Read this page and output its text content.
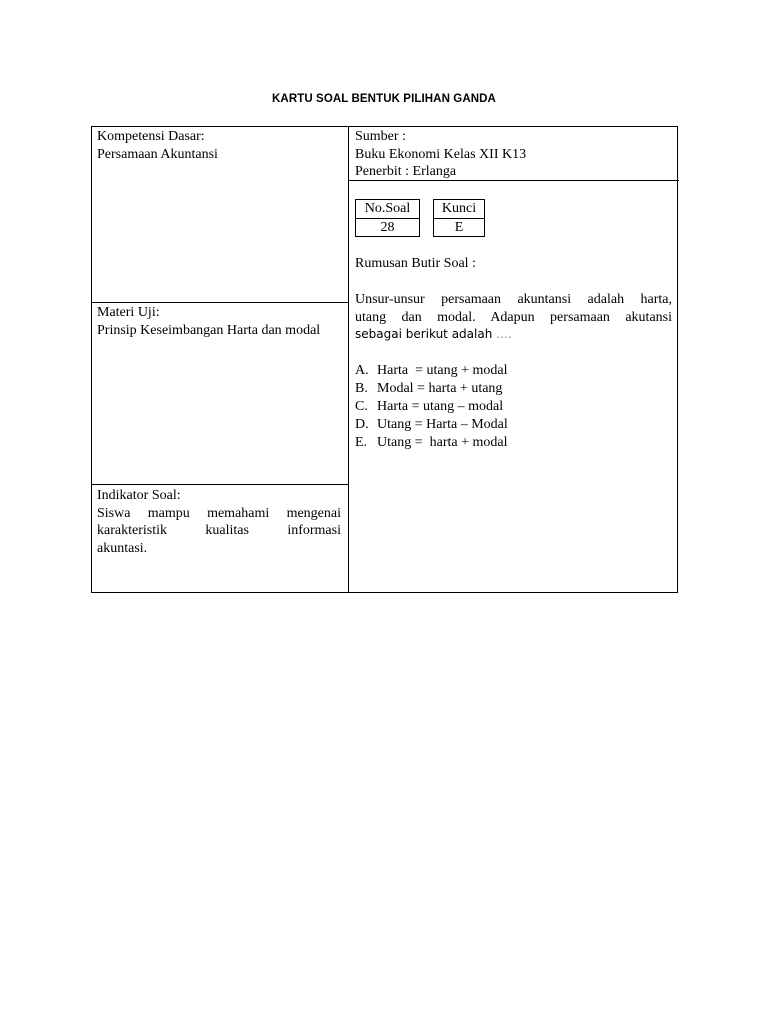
KARTU SOAL BENTUK PILIHAN GANDA
Kompetensi Dasar:
Persamaan Akuntansi
Materi Uji:
Prinsip Keseimbangan Harta dan modal
Indikator Soal:
Siswa mampu memahami mengenai
karakteristik kualitas informasi
akuntasi.
Sumber :
Buku Ekonomi Kelas XII K13
Penerbit : Erlanga
No.Soal
28
Kunci
E
Rumusan Butir Soal :
Unsur-unsur persamaan akuntansi adalah harta,
utang dan modal. Adapun persamaan akutansi
sebagai berikut adalah ….
A. Harta  = utang + modal
B. Modal = harta + utang
C. Harta = utang – modal
D. Utang = Harta – Modal
E. Utang =  harta + modal
